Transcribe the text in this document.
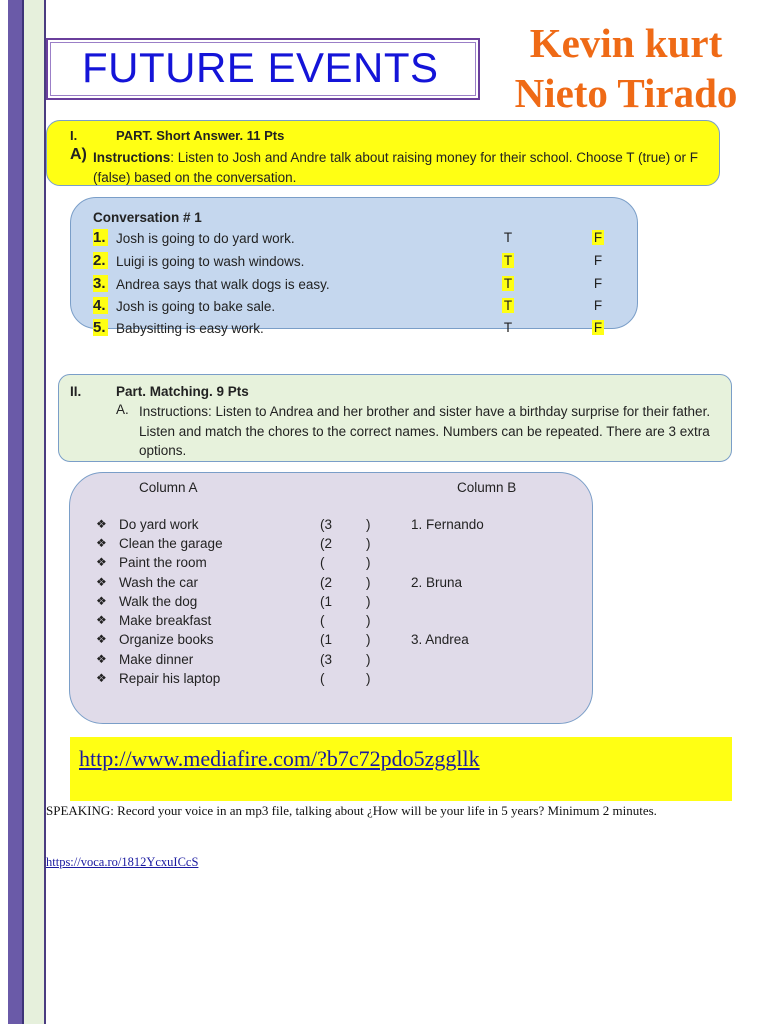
FUTURE EVENTS
Kevin kurt
Nieto Tirado
I.	PART. Short Answer. 11 Pts
A) Instructions: Listen to Josh and Andre talk about raising money for their school. Choose T (true) or F (false) based on the conversation.
Conversation # 1
1. Josh is going to do yard work.	T	F
2. Luigi is going to wash windows.	T	F
3. Andrea says that walk dogs is easy.	T	F
4. Josh is going to bake sale.	T	F
5. Babysitting is easy work.	T	F
II.	Part. Matching. 9 Pts
A. Instructions: Listen to Andrea and her brother and sister have a birthday surprise for their father. Listen and match the chores to the correct names. Numbers can be repeated. There are 3 extra options.
Column A	Column B
❖ Do yard work	(3	)	1. Fernando
❖ Clean the garage	(2	)
❖ Paint the room	(	)
❖ Wash the car	(2	)	2. Bruna
❖ Walk the dog	(1	)
❖ Make breakfast	(	)
❖ Organize books	(1	)	3. Andrea
❖ Make dinner	(3	)
❖ Repair his laptop	(	)
http://www.mediafire.com/?b7c72pdo5zggllk
SPEAKING: Record your voice in an mp3 file, talking about ¿How will be your life in 5 years? Minimum 2 minutes.
https://voca.ro/1812YcxuICcS
